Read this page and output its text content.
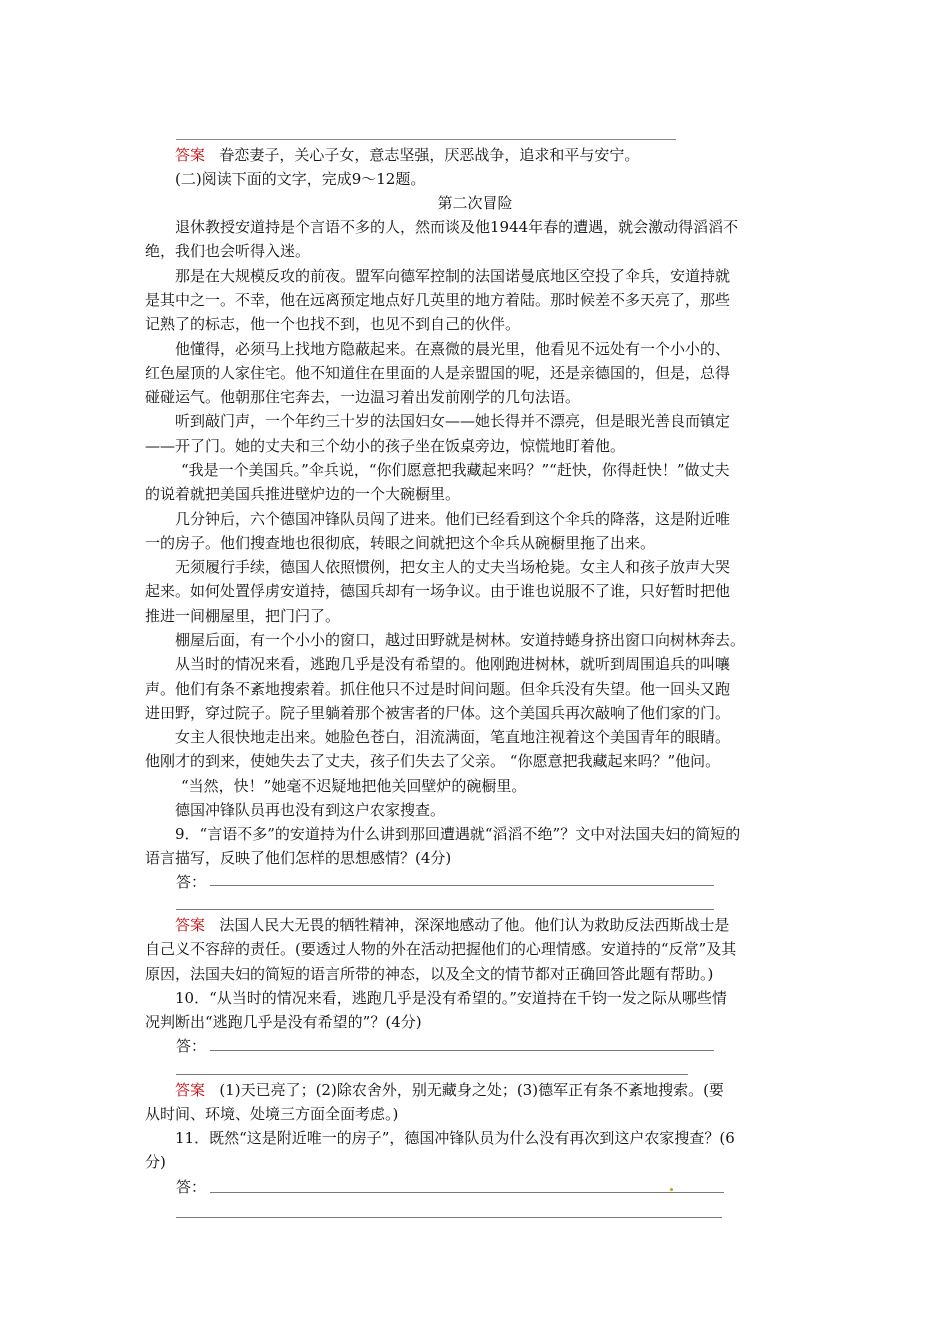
答案 眷恋妻子，关心子女，意志坚强，厌恶战争，追求和平与安宁。
(二)阅读下面的文字，完成9～12题。
第二次冒险
退休教授安道持是个言语不多的人，然而谈及他1944年春的遭遇，就会激动得滔滔不
绝，我们也会听得入迷。
那是在大规模反攻的前夜。盟军向德军控制的法国诺曼底地区空投了伞兵，安道持就
是其中之一。不幸，他在远离预定地点好几英里的地方着陆。那时候差不多天亮了，那些
记熟了的标志，他一个也找不到，也见不到自己的伙伴。
他懂得，必须马上找地方隐蔽起来。在熹微的晨光里，他看见不远处有一个小小的、
红色屋顶的人家住宅。他不知道住在里面的人是亲盟国的呢，还是亲德国的，但是，总得
碰碰运气。他朝那住宅奔去，一边温习着出发前刚学的几句法语。
听到敲门声，一个年约三十岁的法国妇女——她长得并不漂亮，但是眼光善良而镇定
——开了门。她的丈夫和三个幼小的孩子坐在饭桌旁边，惊慌地盯着他。
“我是一个美国兵。”伞兵说，“你们愿意把我藏起来吗？”“赶快，你得赶快！”做丈夫
的说着就把美国兵推进壁炉边的一个大碗橱里。
几分钟后，六个德国冲锋队员闯了进来。他们已经看到这个伞兵的降落，这是附近唯
一的房子。他们搜查地也很彻底，转眼之间就把这个伞兵从碗橱里拖了出来。
无须履行手续，德国人依照惯例，把女主人的丈夫当场枪毙。女主人和孩子放声大哭
起来。如何处置俘虏安道持，德国兵却有一场争议。由于谁也说服不了谁，只好暂时把他
推进一间棚屋里，把门闩了。
棚屋后面，有一个小小的窗口，越过田野就是树林。安道持蜷身挤出窗口向树林奔去。
从当时的情况来看，逃跑几乎是没有希望的。他刚跑进树林，就听到周围追兵的叫嚷
声。他们有条不紊地搜索着。抓住他只不过是时间问题。但伞兵没有失望。他一回头又跑
进田野，穿过院子。院子里躺着那个被害者的尸体。这个美国兵再次敲响了他们家的门。
女主人很快地走出来。她脸色苍白，泪流满面，笔直地注视着这个美国青年的眼睛。
他刚才的到来，使她失去了丈夫，孩子们失去了父亲。 “你愿意把我藏起来吗？”他问。
“当然，快！”她毫不迟疑地把他关回壁炉的碗橱里。
德国冲锋队员再也没有到这户农家搜查。
9．“言语不多”的安道持为什么讲到那回遭遇就“滔滔不绝”？文中对法国夫妇的简短的
语言描写，反映了他们怎样的思想感情？(4分)
答：
答案 法国人民大无畏的牺牲精神，深深地感动了他。他们认为救助反法西斯战士是
自己义不容辞的责任。(要透过人物的外在活动把握他们的心理情感。安道持的“反常”及其
原因，法国夫妇的简短的语言所带的神态，以及全文的情节都对正确回答此题有帮助。)
10．“从当时的情况来看，逃跑几乎是没有希望的。”安道持在千钧一发之际从哪些情
况判断出“逃跑几乎是没有希望的”？(4分)
答：
答案 (1)天已亮了；(2)除农舍外，别无藏身之处；(3)德军正有条不紊地搜索。(要
从时间、环境、处境三方面全面考虑。)
11．既然“这是附近唯一的房子”，德国冲锋队员为什么没有再次到这户农家搜查？(6
分)
答：
